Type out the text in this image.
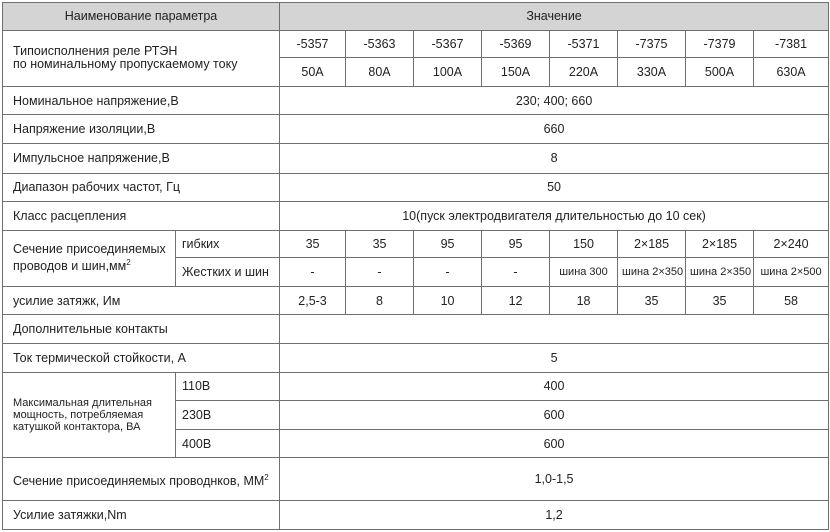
Наименование параметра		Значение							
Типоисполнения реле РТЭН
по номинальному пропускаемому току		-5357	-5363	-5367	-5369	-5371	-7375	-7379	-7381
		50A	80A	100A	150A	220A	330A	500A	630A
Номинальное напряжение,В		230; 400; 660							
Напряжение изоляции,В		660							
Импульсное напряжение,В		8							
Диапазон рабочих частот, Гц		50							
Класс расцепления		10(пуск электродвигателя длительностью до 10 сек)							
Сечение присоединяемых проводов и $шин,мм^2$	гибких	35	35	95	95	150	2×185	2×185	2×240
	Жестких и шин	-	-	-	-	шина 300	шина 2×350	шина 2×350	шина 2×500
усилие затяжк, Им		2,5-3	8	10	12	18	35	35	58
Дополнительные контакты									
Ток термической стойкости, А		5							
Максимальная длительная мощность, потребляемая катушкой контактора, ВА	110В	400							
	230В	600							
	400В	600							
Сечение присоединяемых проводнков, $ММ^2$		1,0-1,5							
Усилие затяжки,Nm		1,2							
